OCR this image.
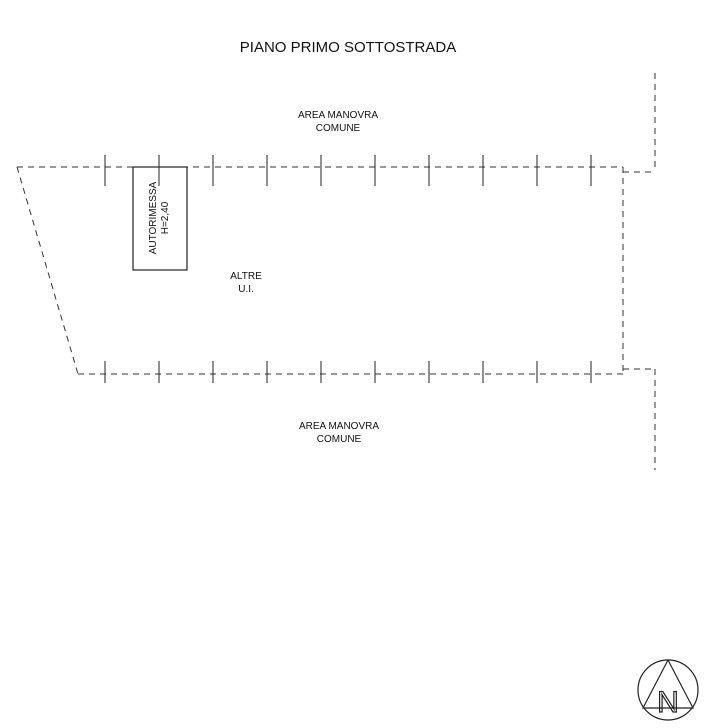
PIANO PRIMO SOTTOSTRADA
AREA MANOVRA
COMUNE
AUTORIMESSA H=2,40
ALTRE
U.I.
AREA MANOVRA
COMUNE
N
